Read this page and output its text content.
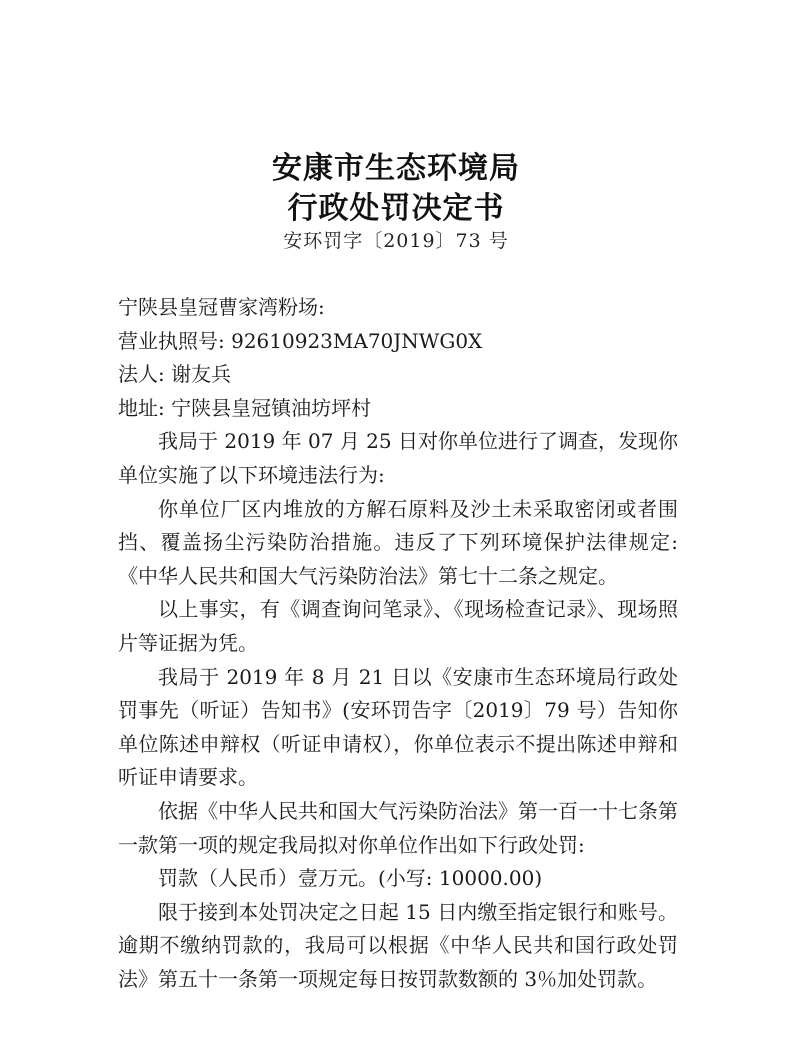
安康市生态环境局
行政处罚决定书
安环罚字〔2019〕73 号

宁陕县皇冠曹家湾粉场:

营业执照号: 92610923MA70JNWG0X

法人: 谢友兵

地址: 宁陕县皇冠镇油坊坪村

我局于 2019 年 07 月 25 日对你单位进行了调查，发现你单位实施了以下环境违法行为:

你单位厂区内堆放的方解石原料及沙土未采取密闭或者围挡、覆盖扬尘污染防治措施。违反了下列环境保护法律规定:《中华人民共和国大气污染防治法》第七十二条之规定。

以上事实，有《调查询问笔录》、《现场检查记录》、现场照片等证据为凭。

我局于 2019 年 8 月 21 日以《安康市生态环境局行政处罚事先（听证）告知书》(安环罚告字〔2019〕79 号）告知你单位陈述申辩权（听证申请权），你单位表示不提出陈述申辩和听证申请要求。

依据《中华人民共和国大气污染防治法》第一百一十七条第一款第一项的规定我局拟对你单位作出如下行政处罚:

罚款（人民币）壹万元。(小写: 10000.00)

限于接到本处罚决定之日起 15 日内缴至指定银行和账号。逾期不缴纳罚款的，我局可以根据《中华人民共和国行政处罚法》第五十一条第一项规定每日按罚款数额的 3％加处罚款。
